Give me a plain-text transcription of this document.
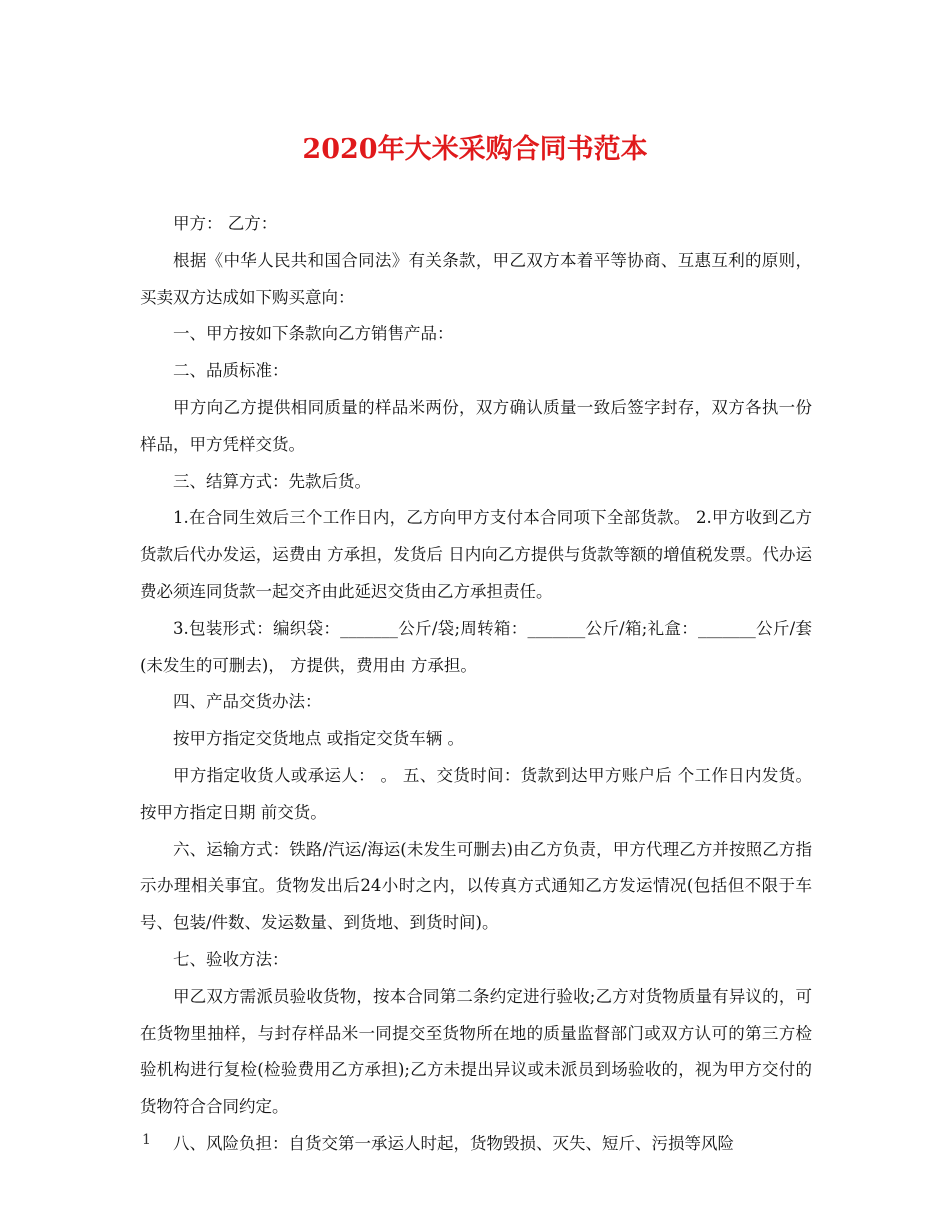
2020年大米采购合同书范本

甲方： 乙方：

根据《中华人民共和国合同法》有关条款，甲乙双方本着平等协商、互惠互利的原则，买卖双方达成如下购买意向：

一、甲方按如下条款向乙方销售产品：

二、品质标准：

甲方向乙方提供相同质量的样品米两份，双方确认质量一致后签字封存，双方各执一份样品，甲方凭样交货。

三、结算方式：先款后货。

1.在合同生效后三个工作日内，乙方向甲方支付本合同项下全部货款。 2.甲方收到乙方货款后代办发运，运费由 方承担，发货后 日内向乙方提供与货款等额的增值税发票。代办运费必须连同货款一起交齐由此延迟交货由乙方承担责任。

3.包装形式：编织袋：_______公斤/袋;周转箱：_______公斤/箱;礼盒：_______公斤/套(未发生的可删去)， 方提供，费用由 方承担。

四、产品交货办法：

按甲方指定交货地点 或指定交货车辆 。

甲方指定收货人或承运人： 。 五、交货时间：货款到达甲方账户后 个工作日内发货。 按甲方指定日期 前交货。

六、运输方式：铁路/汽运/海运(未发生可删去)由乙方负责，甲方代理乙方并按照乙方指示办理相关事宜。货物发出后24小时之内，以传真方式通知乙方发运情况(包括但不限于车号、包装/件数、发运数量、到货地、到货时间)。

七、验收方法：

甲乙双方需派员验收货物，按本合同第二条约定进行验收;乙方对货物质量有异议的，可在货物里抽样，与封存样品米一同提交至货物所在地的质量监督部门或双方认可的第三方检验机构进行复检(检验费用乙方承担);乙方未提出异议或未派员到场验收的，视为甲方交付的货物符合合同约定。

八、风险负担：自货交第一承运人时起，货物毁损、灭失、短斤、污损等风险

1
